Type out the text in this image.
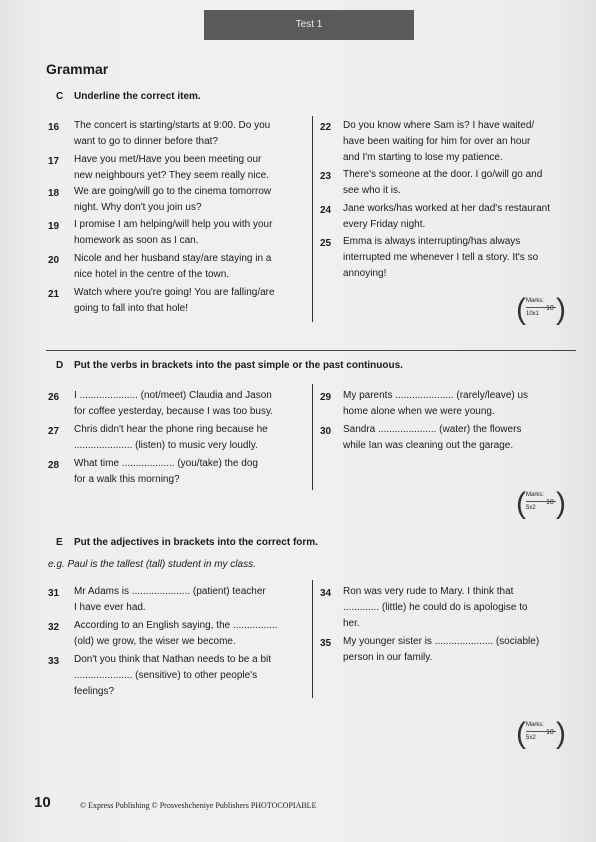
Test 1
Grammar
C Underline the correct item.
16 The concert is starting/starts at 9:00. Do you
want to go to dinner before that?
17 Have you met/Have you been meeting our
new neighbours yet? They seem really nice.
18 We are going/will go to the cinema tomorrow
night. Why don't you join us?
19 I promise I am helping/will help you with your
homework as soon as I can.
20 Nicole and her husband stay/are staying in a
nice hotel in the centre of the town.
21 Watch where you're going! You are falling/are
going to fall into that hole!
22 Do you know where Sam is? I have waited/
have been waiting for him for over an hour
and I'm starting to lose my patience.
23 There's someone at the door. I go/will go and
see who it is.
24 Jane works/has worked at her dad's restaurant
every Friday night.
25 Emma is always interrupting/has always
interrupted me whenever I tell a story. It's so
annoying!
( Marks:
10x1
10 )
D Put the verbs in brackets into the past simple or the past continuous.
26 I ..................... (not/meet) Claudia and Jason
for coffee yesterday, because I was too busy.
27 Chris didn't hear the phone ring because he
..................... (listen) to music very loudly.
28 What time ................... (you/take) the dog
for a walk this morning?
29 My parents ..................... (rarely/leave) us
home alone when we were young.
30 Sandra ..................... (water) the flowers
while Ian was cleaning out the garage.
( Marks:
5x2
10 )
E Put the adjectives in brackets into the correct form.
e.g. Paul is the tallest (tall) student in my class.
31 Mr Adams is ..................... (patient) teacher
I have ever had.
32 According to an English saying, the ................
(old) we grow, the wiser we become.
33 Don't you think that Nathan needs to be a bit
..................... (sensitive) to other people's
feelings?
34 Ron was very rude to Mary. I think that
............. (little) he could do is apologise to
her.
35 My younger sister is ..................... (sociable)
person in our family.
( Marks:
5x2
10 )
10	© Express Publishing © Prosveshcheniye Publishers PHOTOCOPIABLE
